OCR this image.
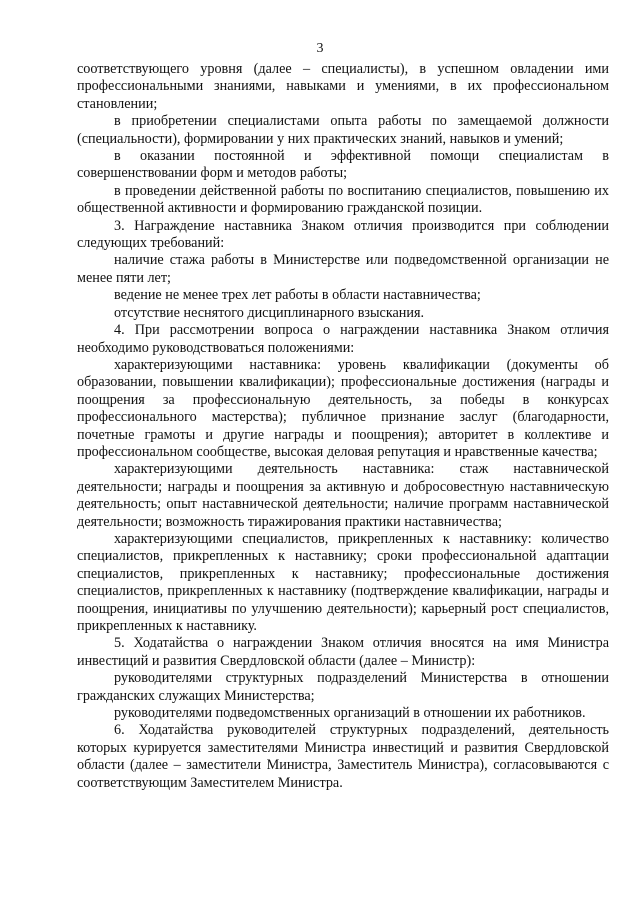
3

соответствующего уровня (далее – специалисты), в успешном овладении ими профессиональными знаниями, навыками и умениями, в их профессиональном становлении;

в приобретении специалистами опыта работы по замещаемой должности (специальности), формировании у них практических знаний, навыков и умений;

в оказании постоянной и эффективной помощи специалистам в совершенствовании форм и методов работы;

в проведении действенной работы по воспитанию специалистов, повышению их общественной активности и формированию гражданской позиции.

3. Награждение наставника Знаком отличия производится при соблюдении следующих требований:

наличие стажа работы в Министерстве или подведомственной организации не менее пяти лет;

ведение не менее трех лет работы в области наставничества;

отсутствие неснятого дисциплинарного взыскания.

4. При рассмотрении вопроса о награждении наставника Знаком отличия необходимо руководствоваться положениями:

характеризующими наставника: уровень квалификации (документы об образовании, повышении квалификации); профессиональные достижения (награды и поощрения за профессиональную деятельность, за победы в конкурсах профессионального мастерства); публичное признание заслуг (благодарности, почетные грамоты и другие награды и поощрения); авторитет в коллективе и профессиональном сообществе, высокая деловая репутация и нравственные качества;

характеризующими деятельность наставника: стаж наставнической деятельности; награды и поощрения за активную и добросовестную наставническую деятельность; опыт наставнической деятельности; наличие программ наставнической деятельности; возможность тиражирования практики наставничества;

характеризующими специалистов, прикрепленных к наставнику: количество специалистов, прикрепленных к наставнику; сроки профессиональной адаптации специалистов, прикрепленных к наставнику; профессиональные достижения специалистов, прикрепленных к наставнику (подтверждение квалификации, награды и поощрения, инициативы по улучшению деятельности); карьерный рост специалистов, прикрепленных к наставнику.

5. Ходатайства о награждении Знаком отличия вносятся на имя Министра инвестиций и развития Свердловской области (далее – Министр):

руководителями структурных подразделений Министерства в отношении гражданских служащих Министерства;

руководителями подведомственных организаций в отношении их работников.

6. Ходатайства руководителей структурных подразделений, деятельность которых курируется заместителями Министра инвестиций и развития Свердловской области (далее – заместители Министра, Заместитель Министра), согласовываются с соответствующим Заместителем Министра.
